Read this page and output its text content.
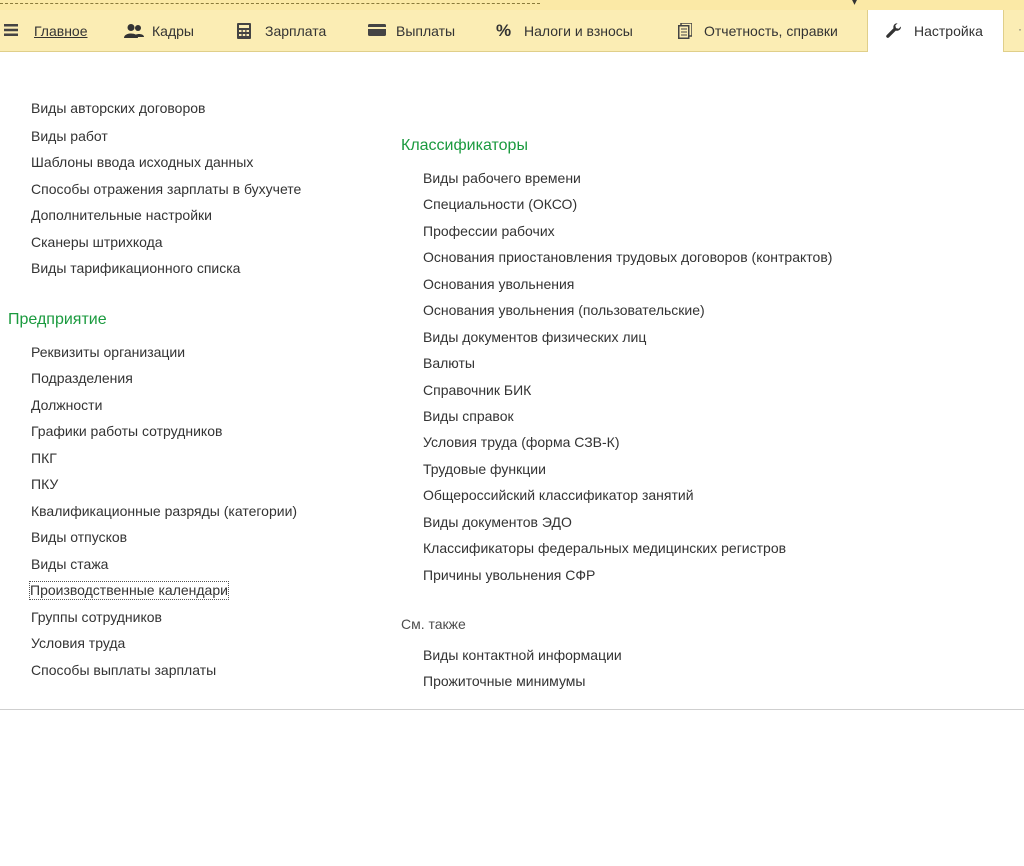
▾
Главное	Кадры	Зарплата	Выплаты % Налоги и взносы	Отчетность, справки	Настройка	·
Виды авторских договоров
Виды работ
Шаблоны ввода исходных данных
Способы отражения зарплаты в бухучете
Дополнительные настройки
Сканеры штрихкода
Виды тарификационного списка
Предприятие
Реквизиты организации
Подразделения
Должности
Графики работы сотрудников
ПКГ
ПКУ
Квалификационные разряды (категории)
Виды отпусков
Виды стажа
Производственные календари
Группы сотрудников
Условия труда
Способы выплаты зарплаты
Классификаторы
Виды рабочего времени
Специальности (ОКСО)
Профессии рабочих
Основания приостановления трудовых договоров (контрактов)
Основания увольнения
Основания увольнения (пользовательские)
Виды документов физических лиц
Валюты
Справочник БИК
Виды справок
Условия труда (форма СЗВ-К)
Трудовые функции
Общероссийский классификатор занятий
Виды документов ЭДО
Классификаторы федеральных медицинских регистров
Причины увольнения СФР
См. также
Виды контактной информации
Прожиточные минимумы
